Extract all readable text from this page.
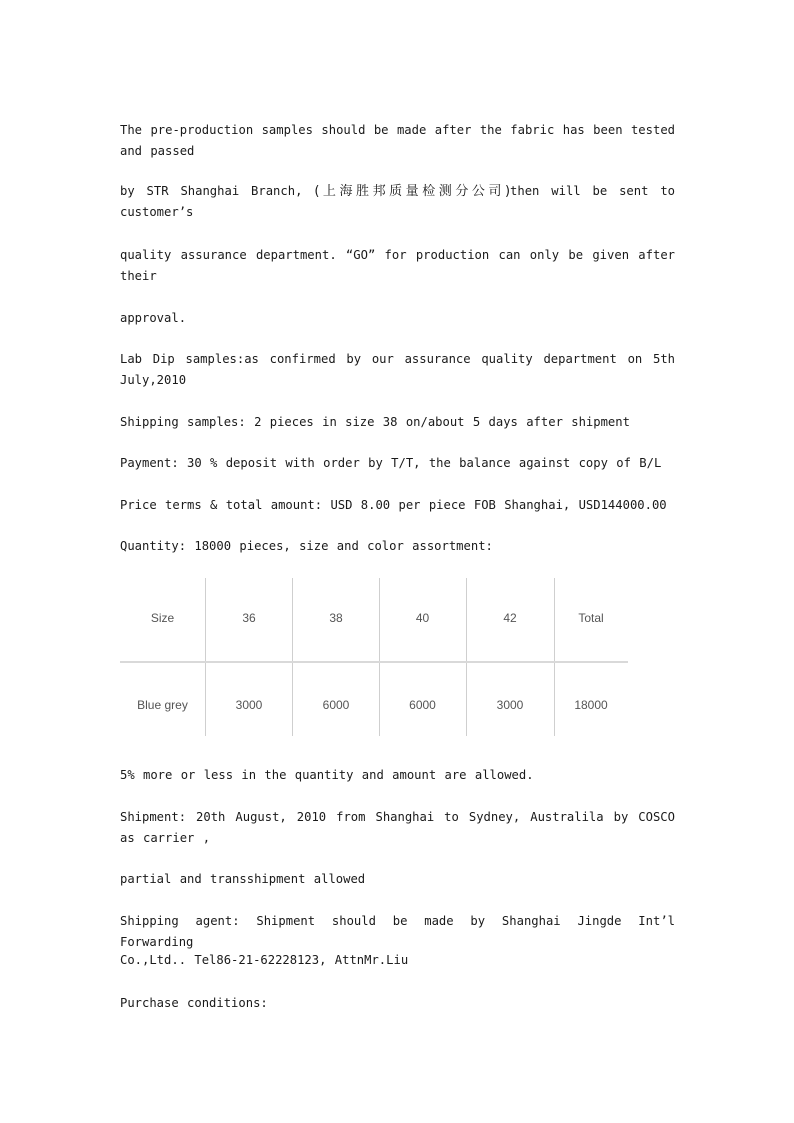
The pre-production samples should be made after the fabric has been tested and passed

by STR Shanghai Branch, (上海胜邦质量检测分公司)then will be sent to customer’s

quality assurance department. “GO” for production can only be given after their

approval.

Lab Dip samples:as confirmed by our assurance quality department on 5th July,2010

Shipping samples: 2 pieces in size 38 on/about 5 days after shipment

Payment: 30 % deposit with order by T/T, the balance against copy of B/L

Price terms & total amount: USD 8.00 per piece FOB Shanghai, USD144000.00

Quantity: 18000 pieces, size and color assortment:

Size	36	38	40	42	Total
Blue grey	3000	6000	6000	3000	18000

5% more or less in the quantity and amount are allowed.

Shipment: 20th August, 2010 from Shanghai to Sydney, Australila by COSCO as carrier ,

partial and transshipment allowed

Shipping agent: Shipment should be made by Shanghai Jingde Int’l Forwarding

Co.,Ltd.. Tel86-21-62228123, AttnMr.Liu

Purchase conditions:
